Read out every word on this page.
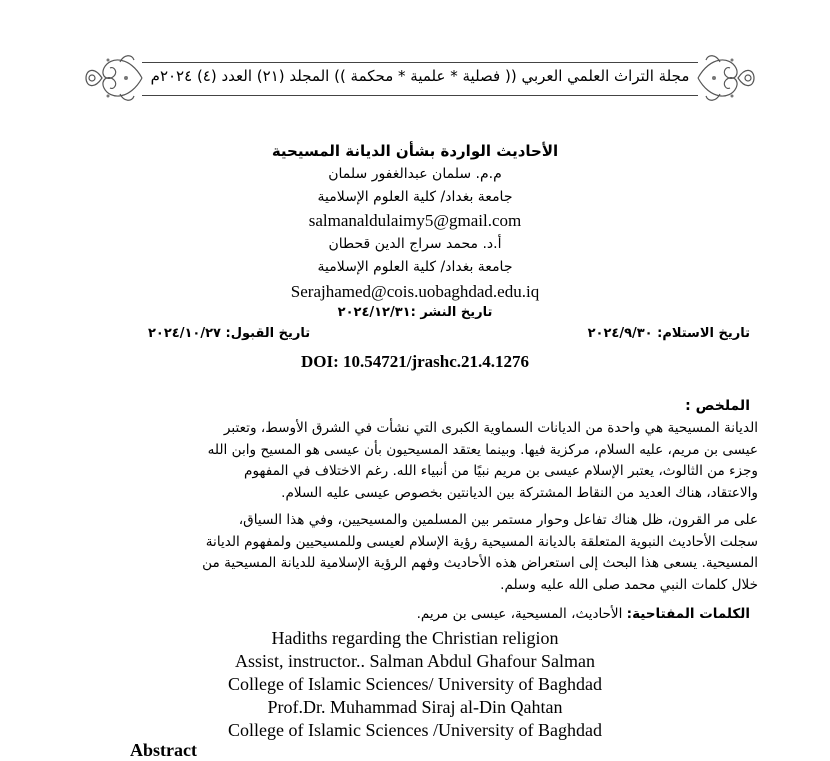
مجلة التراث العلمي العربي (( فصلية * علمية * محكمة )) المجلد (٢١) العدد (٤) ٢٠٢٤م
الأحاديث الواردة بشأن الديانة المسيحية
م.م. سلمان عبدالغفور سلمان
جامعة بغداد/ كلية العلوم الإسلامية
salmanaldulaimy5@gmail.com
أ.د. محمد سراج الدين قحطان
جامعة بغداد/ كلية العلوم الإسلامية
Serajhamed@cois.uobaghdad.edu.iq
تاريخ النشر :٢٠٢٤/١٢/٣١
تاريخ الاستلام: ٢٠٢٤/٩/٣٠
تاريخ القبول: ٢٠٢٤/١٠/٢٧
DOI: 10.54721/jrashc.21.4.1276
الملخص :
الديانة المسيحية هي واحدة من الديانات السماوية الكبرى التي نشأت في الشرق الأوسط، وتعتبر
عيسى بن مريم، عليه السلام، مركزية فيها. وبينما يعتقد المسيحيون بأن عيسى هو المسيح وابن الله
وجزء من الثالوث، يعتبر الإسلام عيسى بن مريم نبيًا من أنبياء الله. رغم الاختلاف في المفهوم
والاعتقاد، هناك العديد من النقاط المشتركة بين الديانتين بخصوص عيسى عليه السلام.
على مر القرون، ظل هناك تفاعل وحوار مستمر بين المسلمين والمسيحيين، وفي هذا السياق،
سجلت الأحاديث النبوية المتعلقة بالديانة المسيحية رؤية الإسلام لعيسى وللمسيحيين ولمفهوم الديانة
المسيحية. يسعى هذا البحث إلى استعراض هذه الأحاديث وفهم الرؤية الإسلامية للديانة المسيحية من
خلال كلمات النبي محمد صلى الله عليه وسلم.
الكلمات المفتاحية: الأحاديث، المسيحية، عيسى بن مريم.
Hadiths regarding the Christian religion
Assist, instructor.. Salman Abdul Ghafour Salman
College of Islamic Sciences/ University of Baghdad
Prof.Dr. Muhammad Siraj al-Din Qahtan
College of Islamic Sciences /University of Baghdad
Abstract
